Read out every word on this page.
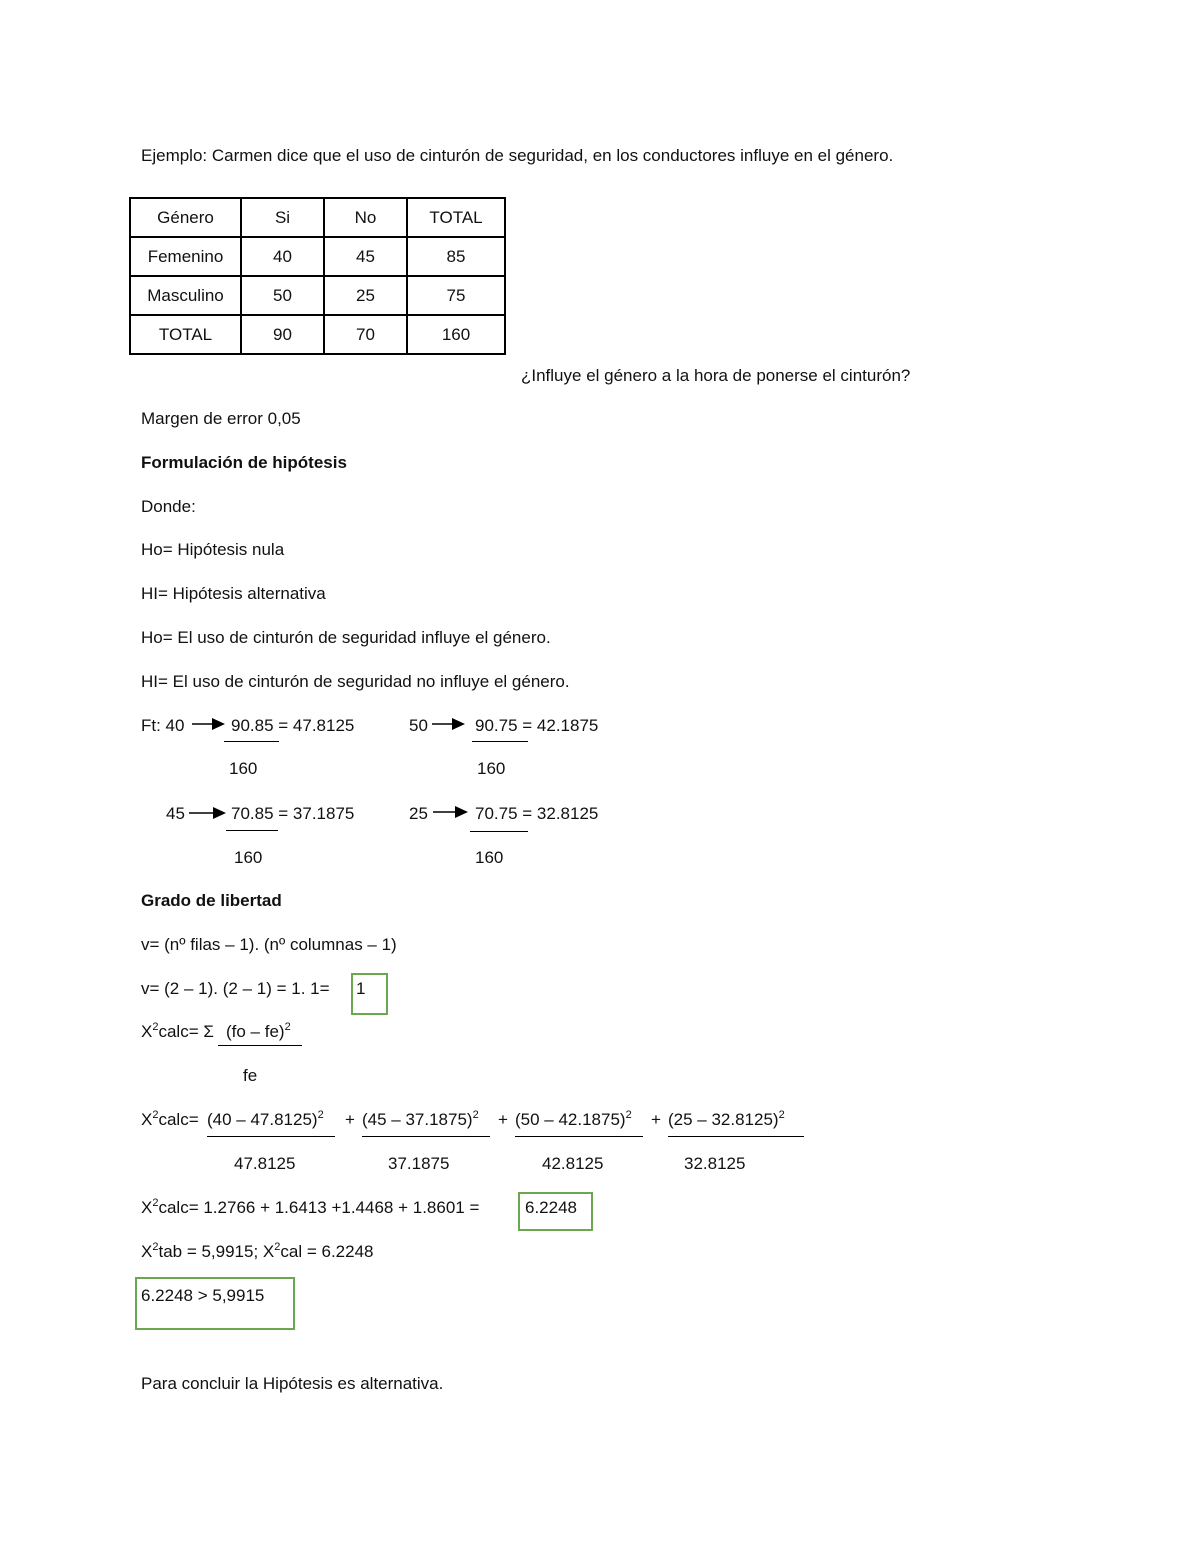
Ejemplo: Carmen dice que el uso de cinturón de seguridad, en los conductores influye en el género.
Género	Si	No	TOTAL
Femenino	40	45	85
Masculino	50	25	75
TOTAL	90	70	160
¿Influye el género a la hora de ponerse el cinturón?
Margen de error 0,05
Formulación de hipótesis
Donde:
Ho= Hipótesis nula
HI= Hipótesis alternativa
Ho= El uso de cinturón de seguridad influye el género.
HI= El uso de cinturón de seguridad no influye el género.
Ft: 40	90.85 = 47.8125
160
50	90.75 = 42.1875
160
45	70.85 = 37.1875
160
25	70.75 = 32.8125
160
Grado de libertad
v= (nº filas – 1). (nº columnas – 1)
v= (2 – 1). (2 – 1) = 1. 1= 1
$X^2calc= \Sigma$ (fo – fe)$^2$
fe
$X^2calc= (40 - 47.8125)^2$
47.8125
+ (45 – 37.1875)$^2$
37.1875
+ (50 – 42.1875)$^2$
42.8125
+ (25 – 32.8125)$^2$
32.8125
$X^2calc= 1.2766 + 1.6413 +1.4468 + 1.8601$ =	6.2248
$X^2tab = 5,9915$; $X^2cal = 6.2248$
6.2248 > 5,9915
Para concluir la Hipótesis es alternativa.
